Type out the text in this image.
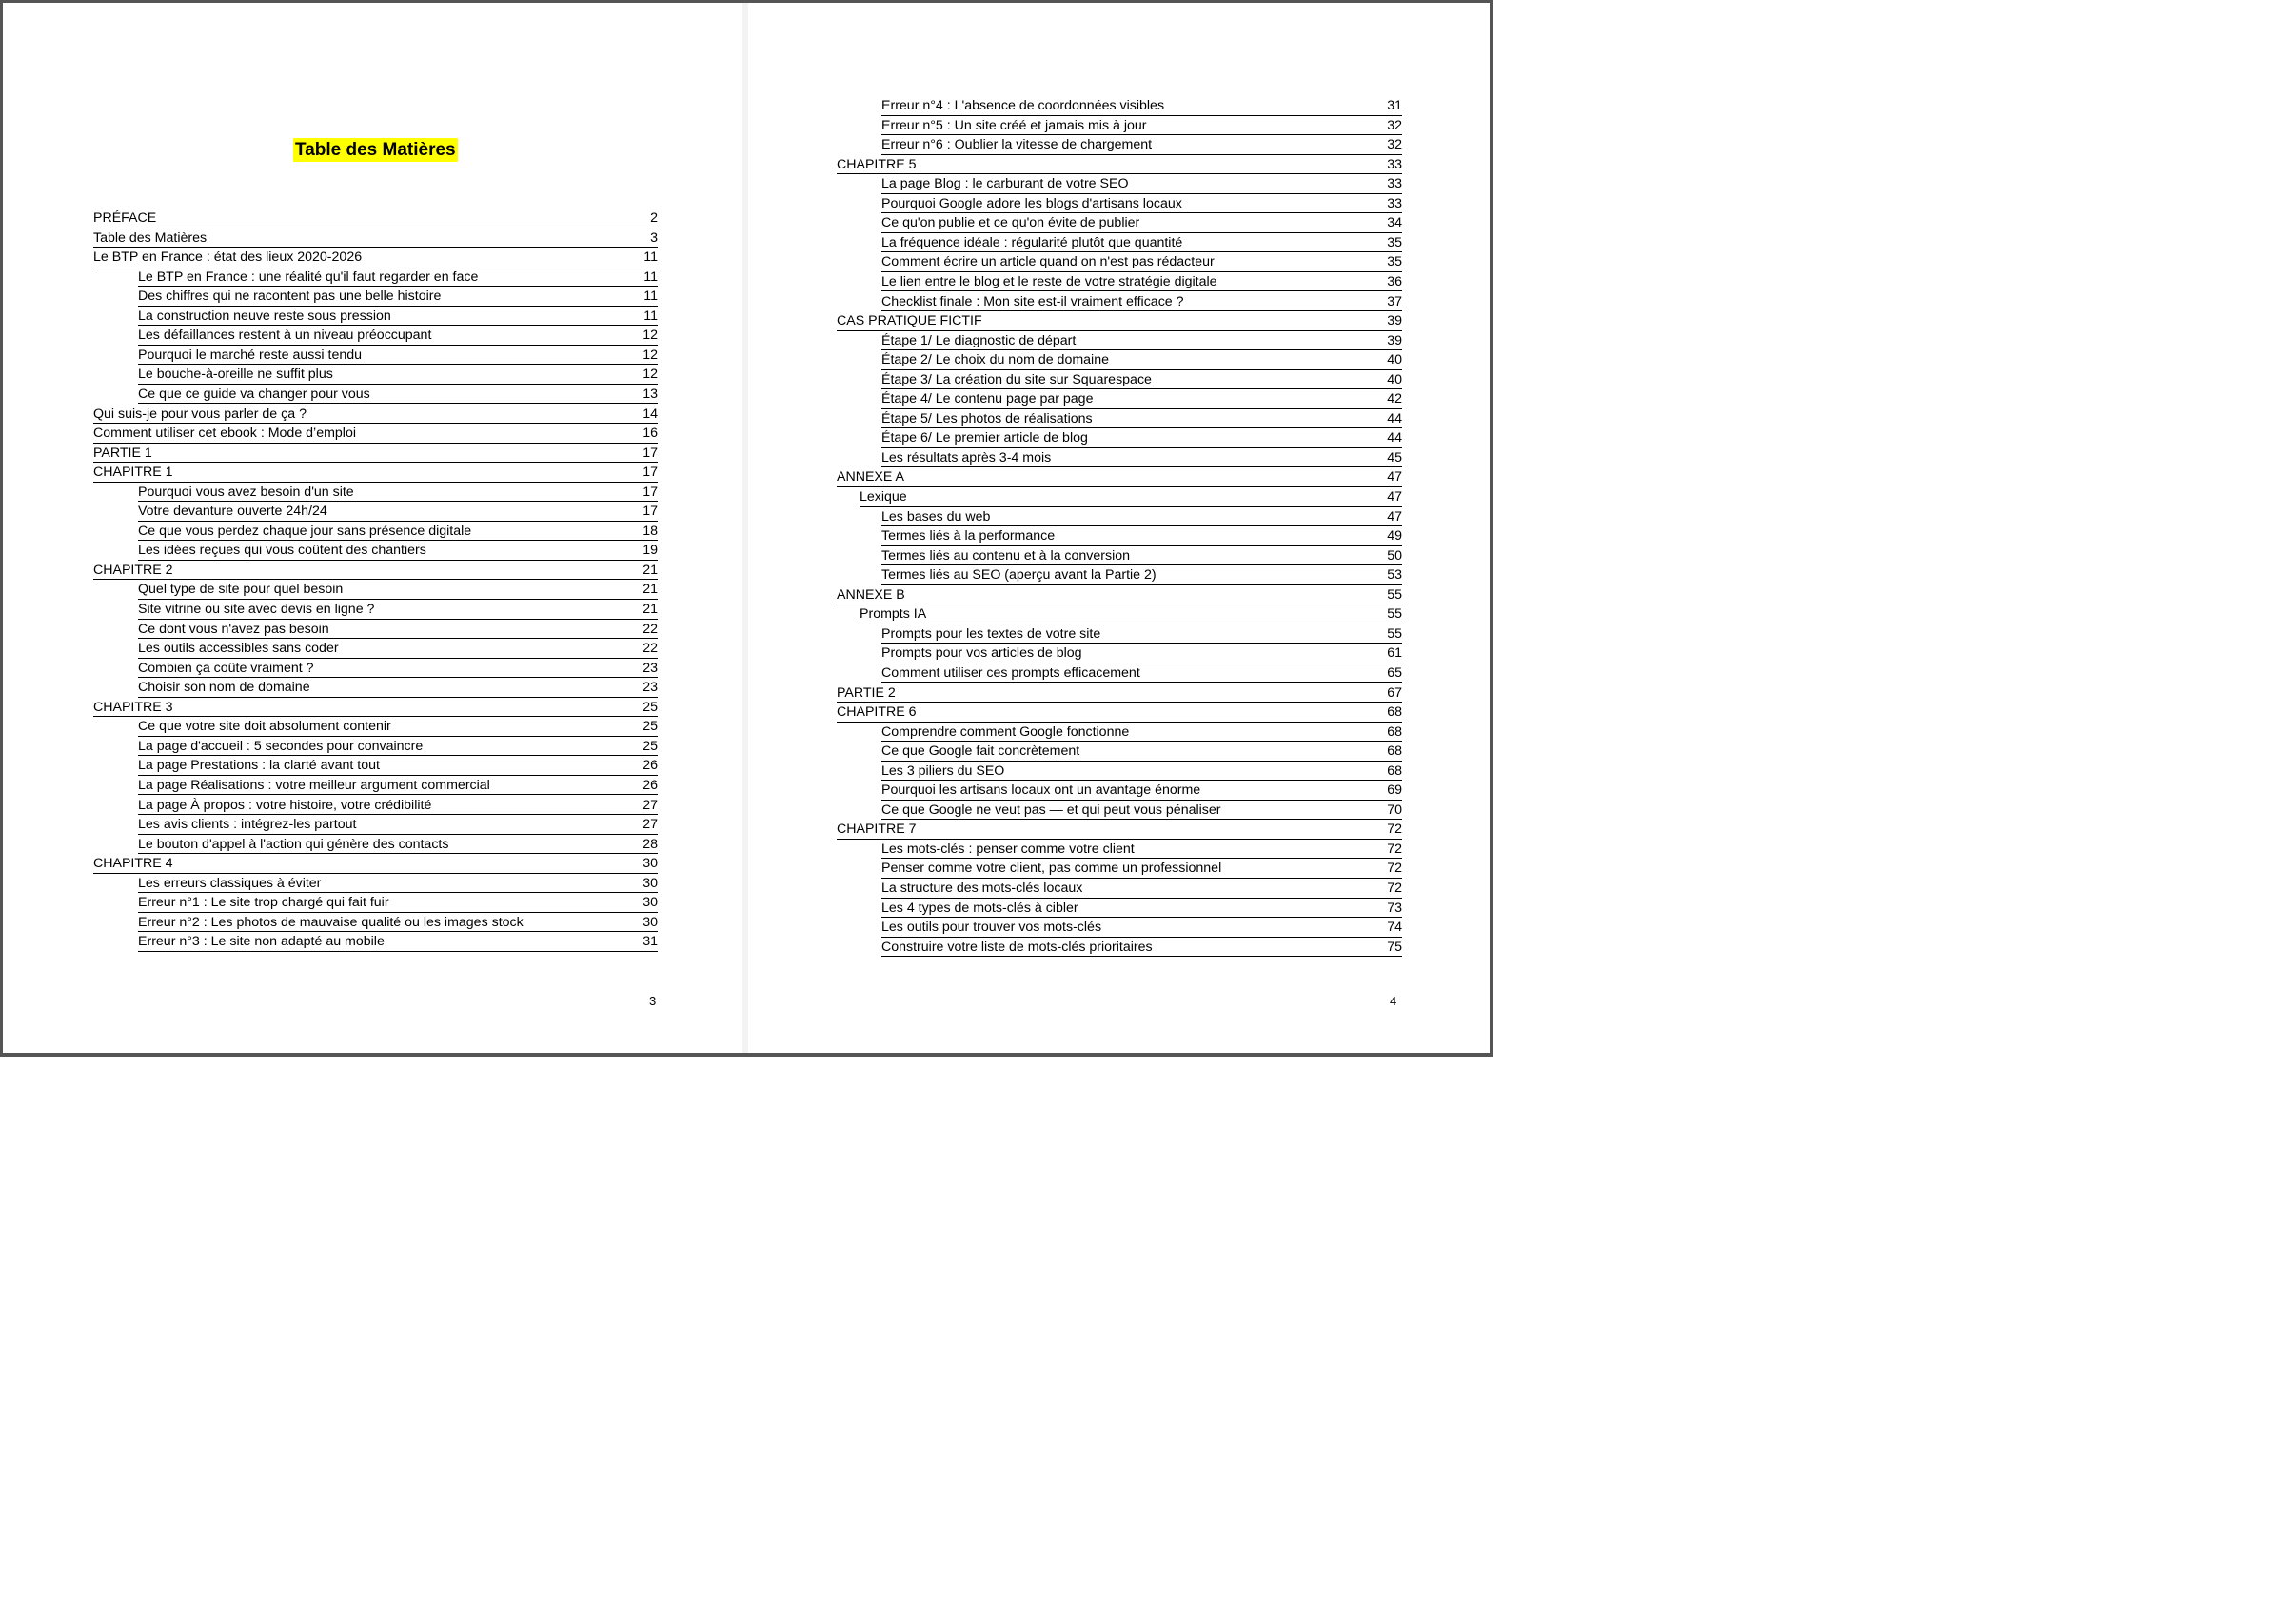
Table des Matières
PRÉFACE	2
Table des Matières	3
Le BTP en France : état des lieux 2020-2026	11
Le BTP en France : une réalité qu'il faut regarder en face	11
Des chiffres qui ne racontent pas une belle histoire	11
La construction neuve reste sous pression	11
Les défaillances restent à un niveau préoccupant	12
Pourquoi le marché reste aussi tendu	12
Le bouche-à-oreille ne suffit plus	12
Ce que ce guide va changer pour vous	13
Qui suis-je pour vous parler de ça ?	14
Comment utiliser cet ebook : Mode d’emploi	16
PARTIE 1	17
CHAPITRE 1	17
Pourquoi vous avez besoin d'un site	17
Votre devanture ouverte 24h/24	17
Ce que vous perdez chaque jour sans présence digitale	18
Les idées reçues qui vous coûtent des chantiers	19
CHAPITRE 2	21
Quel type de site pour quel besoin	21
Site vitrine ou site avec devis en ligne ?	21
Ce dont vous n'avez pas besoin	22
Les outils accessibles sans coder	22
Combien ça coûte vraiment ?	23
Choisir son nom de domaine	23
CHAPITRE 3	25
Ce que votre site doit absolument contenir	25
La page d'accueil : 5 secondes pour convaincre	25
La page Prestations : la clarté avant tout	26
La page Réalisations : votre meilleur argument commercial	26
La page À propos : votre histoire, votre crédibilité	27
Les avis clients : intégrez-les partout	27
Le bouton d'appel à l'action qui génère des contacts	28
CHAPITRE 4	30
Les erreurs classiques à éviter	30
Erreur n°1 : Le site trop chargé qui fait fuir	30
Erreur n°2 : Les photos de mauvaise qualité ou les images stock	30
Erreur n°3 : Le site non adapté au mobile	31
3
Erreur n°4 : L'absence de coordonnées visibles	31
Erreur n°5 : Un site créé et jamais mis à jour	32
Erreur n°6 : Oublier la vitesse de chargement	32
CHAPITRE 5	33
La page Blog : le carburant de votre SEO	33
Pourquoi Google adore les blogs d'artisans locaux	33
Ce qu'on publie et ce qu'on évite de publier	34
La fréquence idéale : régularité plutôt que quantité	35
Comment écrire un article quand on n'est pas rédacteur	35
Le lien entre le blog et le reste de votre stratégie digitale	36
Checklist finale : Mon site est-il vraiment efficace ?	37
CAS PRATIQUE FICTIF	39
Étape 1/ Le diagnostic de départ	39
Étape 2/ Le choix du nom de domaine	40
Étape 3/ La création du site sur Squarespace	40
Étape 4/ Le contenu page par page	42
Étape 5/ Les photos de réalisations	44
Étape 6/ Le premier article de blog	44
Les résultats après 3-4 mois	45
ANNEXE A	47
Lexique	47
Les bases du web	47
Termes liés à la performance	49
Termes liés au contenu et à la conversion	50
Termes liés au SEO (aperçu avant la Partie 2)	53
ANNEXE B	55
Prompts IA	55
Prompts pour les textes de votre site	55
Prompts pour vos articles de blog	61
Comment utiliser ces prompts efficacement	65
PARTIE 2	67
CHAPITRE 6	68
Comprendre comment Google fonctionne	68
Ce que Google fait concrètement	68
Les 3 piliers du SEO	68
Pourquoi les artisans locaux ont un avantage énorme	69
Ce que Google ne veut pas — et qui peut vous pénaliser	70
CHAPITRE 7	72
Les mots-clés : penser comme votre client	72
Penser comme votre client, pas comme un professionnel	72
La structure des mots-clés locaux	72
Les 4 types de mots-clés à cibler	73
Les outils pour trouver vos mots-clés	74
Construire votre liste de mots-clés prioritaires	75
4
